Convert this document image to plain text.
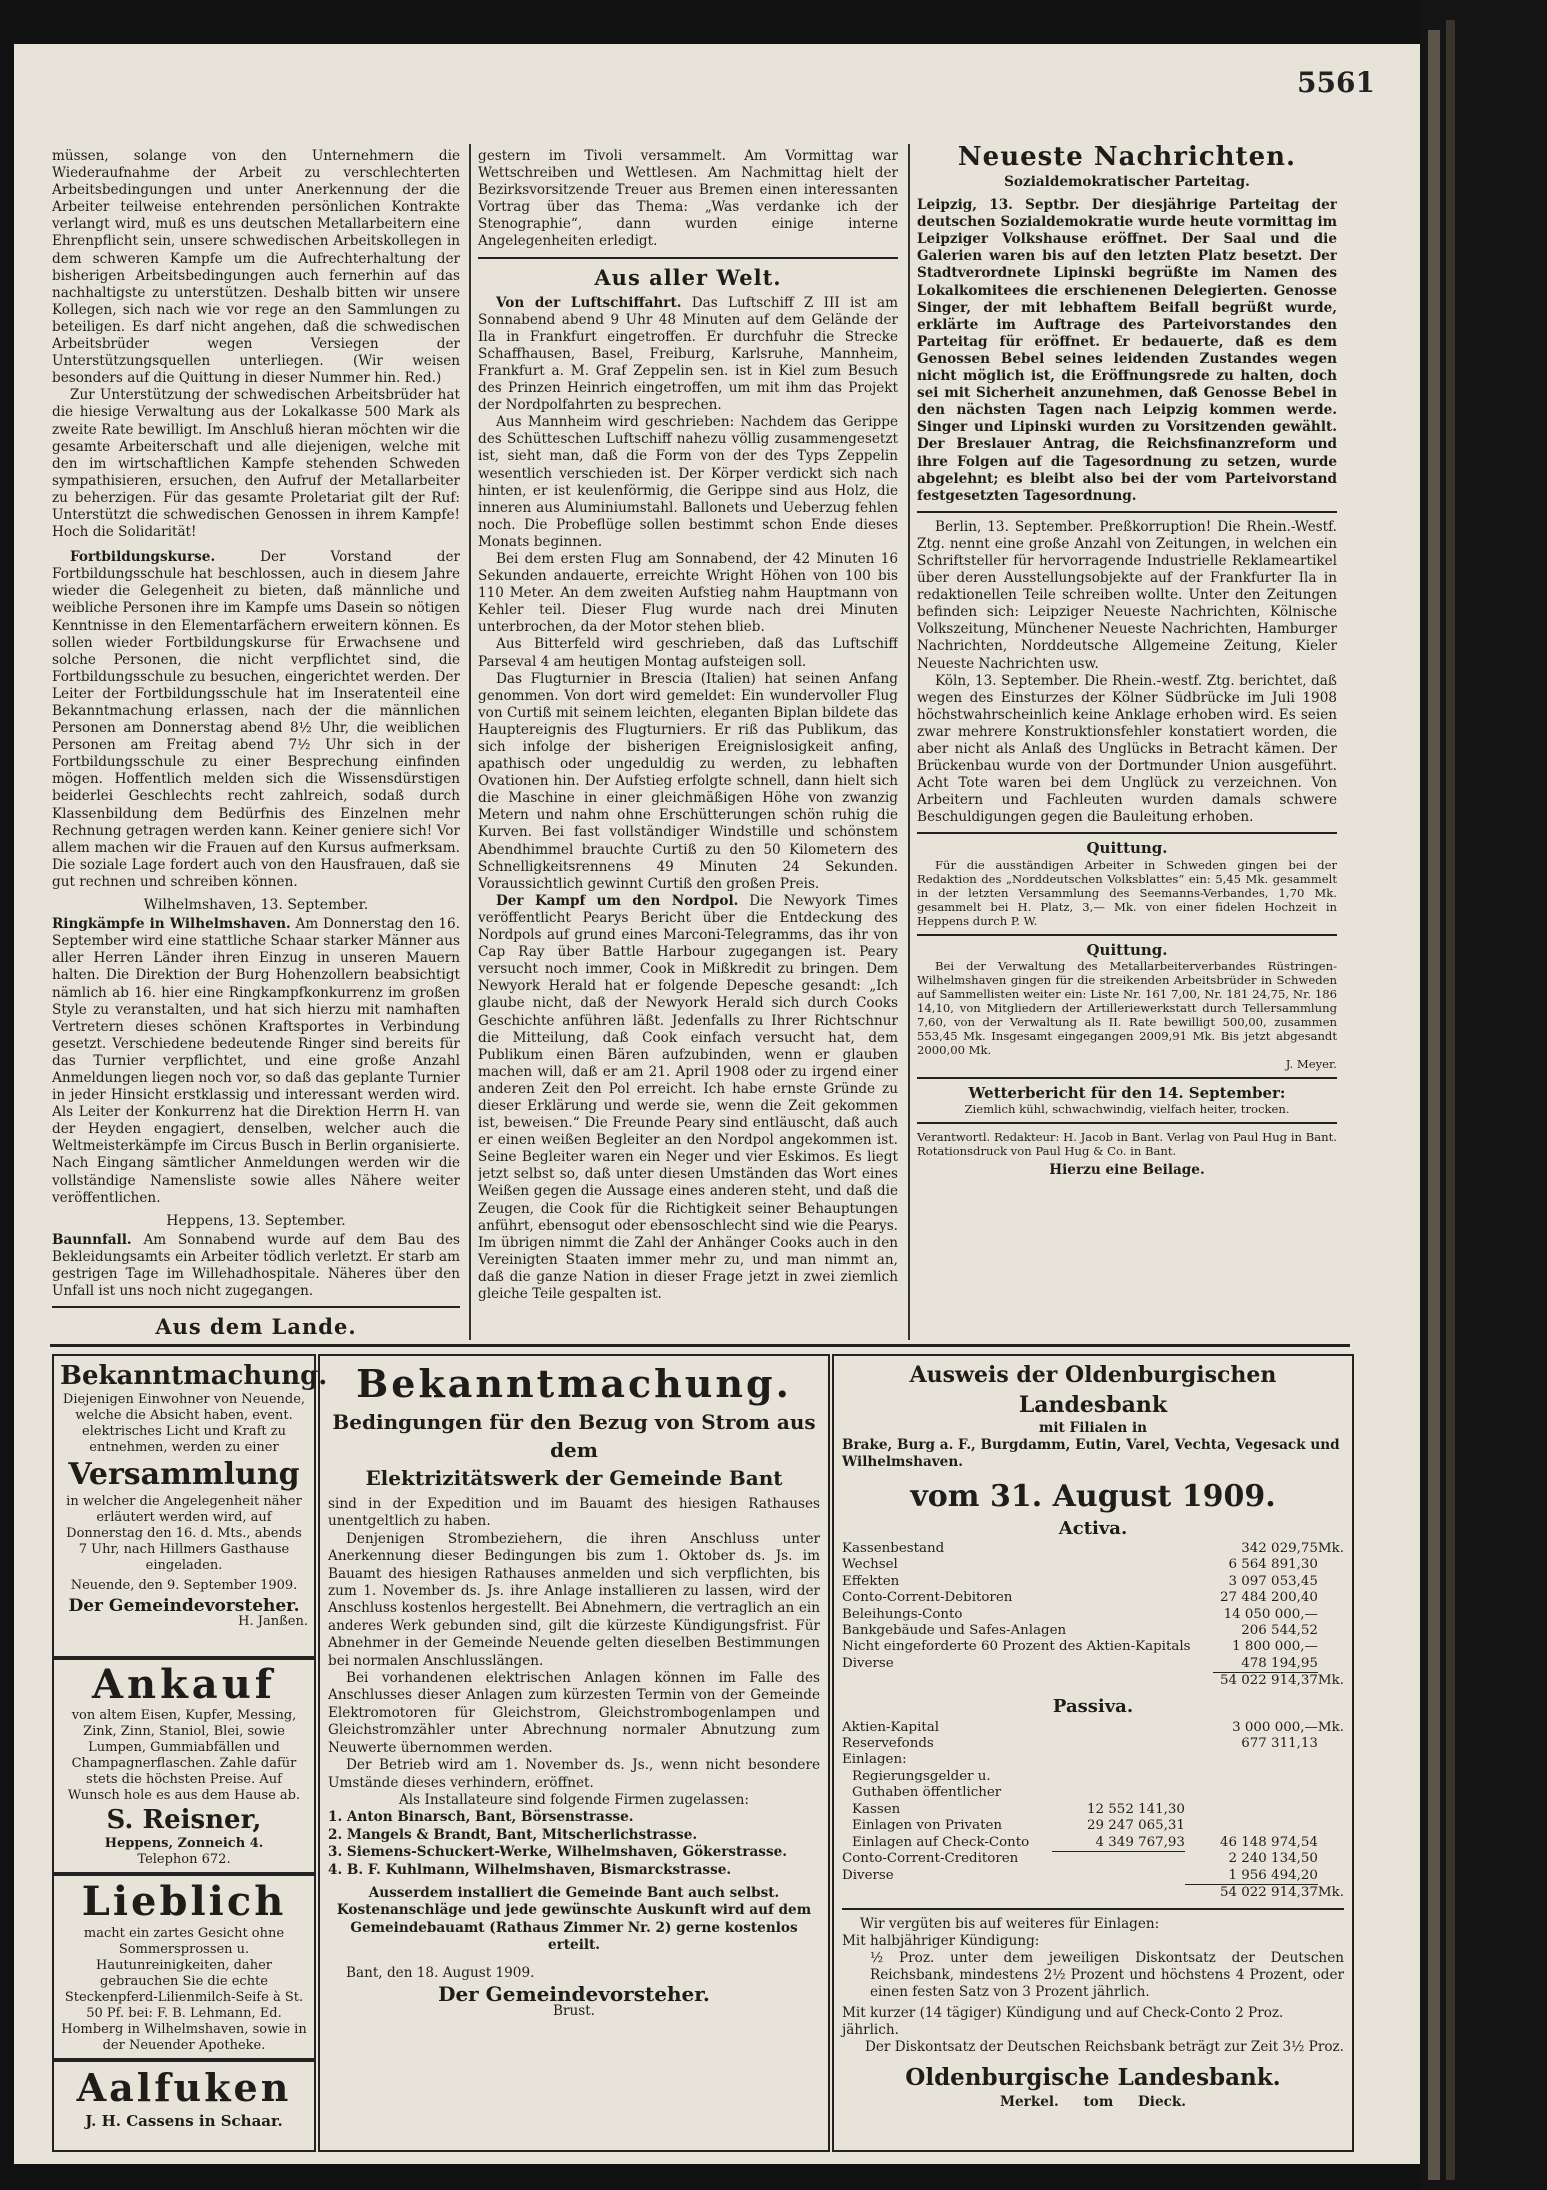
5561

müssen, solange von den Unternehmern die Wiederaufnahme der Arbeit zu verschlechterten Arbeitsbedingungen und unter Anerkennung der die Arbeiter teilweise entehrenden persönlichen Kontrakte verlangt wird, muß es uns deutschen Metallarbeitern eine Ehrenpflicht sein, unsere schwedischen Arbeitskollegen in dem schweren Kampfe um die Aufrechterhaltung der bisherigen Arbeitsbedingungen auch fernerhin auf das nachhaltigste zu unterstützen. Deshalb bitten wir unsere Kollegen, sich nach wie vor rege an den Sammlungen zu beteiligen. Es darf nicht angehen, daß die schwedischen Arbeitsbrüder wegen Versiegen der Unterstützungsquellen unterliegen. (Wir weisen besonders auf die Quittung in dieser Nummer hin. Red.)

Zur Unterstützung der schwedischen Arbeitsbrüder hat die hiesige Verwaltung aus der Lokalkasse 500 Mark als zweite Rate bewilligt. Im Anschluß hieran möchten wir die gesamte Arbeiterschaft und alle diejenigen, welche mit den im wirtschaftlichen Kampfe stehenden Schweden sympathisieren, ersuchen, den Aufruf der Metallarbeiter zu beherzigen. Für das gesamte Proletariat gilt der Ruf: Unterstützt die schwedischen Genossen in ihrem Kampfe! Hoch die Solidarität!

Fortbildungskurse.	Der Vorstand der Fortbildungsschule hat beschlossen, auch in diesem Jahre wieder die Gelegenheit zu bieten, daß männliche und weibliche Personen ihre im Kampfe ums Dasein so nötigen Kenntnisse in den Elementarfächern erweitern können. Es sollen wieder Fortbildungskurse für Erwachsene und solche Personen, die nicht verpflichtet sind, die Fortbildungsschule zu besuchen, eingerichtet werden. Der Leiter der Fortbildungsschule hat im Inseratenteil eine Bekanntmachung erlassen, nach der die männlichen Personen am Donnerstag abend 8½ Uhr, die weiblichen Personen am Freitag abend 7½ Uhr sich in der Fortbildungsschule zu einer Besprechung einfinden mögen. Hoffentlich melden sich die Wissensdürstigen beiderlei Geschlechts recht zahlreich, sodaß durch Klassenbildung dem Bedürfnis des Einzelnen mehr Rechnung getragen werden kann. Keiner geniere sich! Vor allem machen wir die Frauen auf den Kursus aufmerksam. Die soziale Lage fordert auch von den Hausfrauen, daß sie gut rechnen und schreiben können.

Wilhelmshaven, 13. September.

Ringkämpfe in Wilhelmshaven. Am Donnerstag den 16. September wird eine stattliche Schaar starker Männer aus aller Herren Länder ihren Einzug in unseren Mauern halten. Die Direktion der Burg Hohenzollern beabsichtigt nämlich ab 16. hier eine Ringkampfkonkurrenz im großen Style zu veranstalten, und hat sich hierzu mit namhaften Vertretern dieses schönen Kraftsportes in Verbindung gesetzt. Verschiedene bedeutende Ringer sind bereits für das Turnier verpflichtet, und eine große Anzahl Anmeldungen liegen noch vor, so daß das geplante Turnier in jeder Hinsicht erstklassig und interessant werden wird. Als Leiter der Konkurrenz hat die Direktion Herrn H. van der Heyden engagiert, denselben, welcher auch die Weltmeisterkämpfe im Circus Busch in Berlin organisierte. Nach Eingang sämtlicher Anmeldungen werden wir die vollständige Namensliste sowie alles Nähere weiter veröffentlichen.

Heppens, 13. September.

Baunnfall. Am Sonnabend wurde auf dem Bau des Bekleidungsamts ein Arbeiter tödlich verletzt. Er starb am gestrigen Tage im Willehadhospitale. Näheres über den Unfall ist uns noch nicht zugegangen.

Aus dem Lande.

gestern im Tivoli versammelt. Am Vormittag war Wettschreiben und Wettlesen. Am Nachmittag hielt der Bezirksvorsitzende Treuer aus Bremen einen interessanten Vortrag über das Thema: „Was verdanke ich der Stenographie“, dann wurden einige interne Angelegenheiten erledigt.

Aus aller Welt.

Von der Luftschiffahrt. Das Luftschiff Z III ist am Sonnabend abend 9 Uhr 48 Minuten auf dem Gelände der Ila in Frankfurt eingetroffen. Er durchfuhr die Strecke Schaffhausen, Basel, Freiburg, Karlsruhe, Mannheim, Frankfurt a. M. Graf Zeppelin sen. ist in Kiel zum Besuch des Prinzen Heinrich eingetroffen, um mit ihm das Projekt der Nordpolfahrten zu besprechen.

Aus Mannheim wird geschrieben: Nachdem das Gerippe des Schütteschen Luftschiff nahezu völlig zusammengesetzt ist, sieht man, daß die Form von der des Typs Zeppelin wesentlich verschieden ist. Der Körper verdickt sich nach hinten, er ist keulenförmig, die Gerippe sind aus Holz, die inneren aus Aluminiumstahl. Ballonets und Ueberzug fehlen noch. Die Probeflüge sollen bestimmt schon Ende dieses Monats beginnen.

Bei dem ersten Flug am Sonnabend, der 42 Minuten 16 Sekunden andauerte, erreichte Wright Höhen von 100 bis 110 Meter. An dem zweiten Aufstieg nahm Hauptmann von Kehler teil. Dieser Flug wurde nach drei Minuten unterbrochen, da der Motor stehen blieb.

Aus Bitterfeld wird geschrieben, daß das Luftschiff Parseval 4 am heutigen Montag aufsteigen soll.

Das Flugturnier in Brescia (Italien) hat seinen Anfang genommen. Von dort wird gemeldet: Ein wundervoller Flug von Curtiß mit seinem leichten, eleganten Biplan bildete das Hauptereignis des Flugturniers. Er riß das Publikum, das sich infolge der bisherigen Ereignislosigkeit anfing, apathisch oder ungeduldig zu werden, zu lebhaften Ovationen hin. Der Aufstieg erfolgte schnell, dann hielt sich die Maschine in einer gleichmäßigen Höhe von zwanzig Metern und nahm ohne Erschütterungen schön ruhig die Kurven. Bei fast vollständiger Windstille und schönstem Abendhimmel brauchte Curtiß zu den 50 Kilometern des Schnelligkeitsrennens 49 Minuten 24 Sekunden. Voraussichtlich gewinnt Curtiß den großen Preis.

Der Kampf um den Nordpol. Die Newyork Times veröffentlicht Pearys Bericht über die Entdeckung des Nordpols auf grund eines Marconi-Telegramms, das ihr von Cap Ray über Battle Harbour zugegangen ist. Peary versucht noch immer, Cook in Mißkredit zu bringen. Dem Newyork Herald hat er folgende Depesche gesandt: „Ich glaube nicht, daß der Newyork Herald sich durch Cooks Geschichte anführen läßt. Jedenfalls zu Ihrer Richtschnur die Mitteilung, daß Cook einfach versucht hat, dem Publikum einen Bären aufzubinden, wenn er glauben machen will, daß er am 21. April 1908 oder zu irgend einer anderen Zeit den Pol erreicht. Ich habe ernste Gründe zu dieser Erklärung und werde sie, wenn die Zeit gekommen ist, beweisen.“ Die Freunde Peary sind entläuscht, daß auch er einen weißen Begleiter an den Nordpol angekommen ist. Seine Begleiter waren ein Neger und vier Eskimos. Es liegt jetzt selbst so, daß unter diesen Umständen das Wort eines Weißen gegen die Aussage eines anderen steht, und daß die Zeugen, die Cook für die Richtigkeit seiner Behauptungen anführt, ebensogut oder ebensoschlecht sind wie die Pearys. Im übrigen nimmt die Zahl der Anhänger Cooks auch in den Vereinigten Staaten immer mehr zu, und man nimmt an, daß die ganze Nation in dieser Frage jetzt in zwei ziemlich gleiche Teile gespalten ist.

Neueste Nachrichten.
Sozialdemokratischer Parteitag.

Leipzig, 13. Septbr. Der diesjährige Parteitag der deutschen Sozialdemokratie wurde heute vormittag im Leipziger Volkshause eröffnet. Der Saal und die Galerien waren bis auf den letzten Platz besetzt. Der Stadtverordnete Lipinski begrüßte im Namen des Lokalkomitees die erschienenen Delegierten. Genosse Singer, der mit lebhaftem Beifall begrüßt wurde, erklärte im Auftrage des Parteivorstandes den Parteitag für eröffnet. Er bedauerte, daß es dem Genossen Bebel seines leidenden Zustandes wegen nicht möglich ist, die Eröffnungsrede zu halten, doch sei mit Sicherheit anzunehmen, daß Genosse Bebel in den nächsten Tagen nach Leipzig kommen werde. Singer und Lipinski wurden zu Vorsitzenden gewählt. Der Breslauer Antrag, die Reichsfinanzreform und ihre Folgen auf die Tagesordnung zu setzen, wurde abgelehnt; es bleibt also bei der vom Parteivorstand festgesetzten Tagesordnung.

Berlin, 13. September. Preßkorruption! Die Rhein.-Westf. Ztg. nennt eine große Anzahl von Zeitungen, in welchen ein Schriftsteller für hervorragende Industrielle Reklameartikel über deren Ausstellungsobjekte auf der Frankfurter Ila in redaktionellen Teile schreiben wollte. Unter den Zeitungen befinden sich: Leipziger Neueste Nachrichten, Kölnische Volkszeitung, Münchener Neueste Nachrichten, Hamburger Nachrichten, Norddeutsche Allgemeine Zeitung, Kieler Neueste Nachrichten usw.

Köln, 13. September. Die Rhein.-westf. Ztg. berichtet, daß wegen des Einsturzes der Kölner Südbrücke im Juli 1908 höchstwahrscheinlich keine Anklage erhoben wird. Es seien zwar mehrere Konstruktionsfehler konstatiert worden, die aber nicht als Anlaß des Unglücks in Betracht kämen. Der Brückenbau wurde von der Dortmunder Union ausgeführt. Acht Tote waren bei dem Unglück zu verzeichnen. Von Arbeitern und Fachleuten wurden damals schwere Beschuldigungen gegen die Bauleitung erhoben.

Quittung.

Für die ausständigen Arbeiter in Schweden gingen bei der Redaktion des „Norddeutschen Volksblattes“ ein: 5,45 Mk. gesammelt in der letzten Versammlung des Seemanns-Verbandes, 1,70 Mk. gesammelt bei H. Platz, 3,— Mk. von einer fidelen Hochzeit in Heppens durch P. W.

Quittung.

Bei der Verwaltung des Metallarbeiterverbandes Rüstringen-Wilhelmshaven gingen für die streikenden Arbeitsbrüder in Schweden auf Sammellisten weiter ein: Liste Nr. 161 7,00, Nr. 181 24,75, Nr. 186 14,10, von Mitgliedern der Artilleriewerkstatt durch Tellersammlung 7,60, von der Verwaltung als II. Rate bewilligt 500,00, zusammen 553,45 Mk. Insgesamt eingegangen 2009,91 Mk. Bis jetzt abgesandt 2000,00 Mk.

J. Meyer.
Wetterbericht für den 14. September:
Ziemlich kühl, schwachwindig, vielfach heiter, trocken.

Verantwortl. Redakteur: H. Jacob in Bant. Verlag von Paul Hug in Bant. Rotationsdruck von Paul Hug & Co. in Bant.

Hierzu eine Beilage.
Bekanntmachung.
Diejenigen Einwohner von Neuende, welche die Absicht haben, event. elektrisches Licht und Kraft zu entnehmen, werden zu einer
Versammlung
in welcher die Angelegenheit näher erläutert werden wird, auf Donnerstag den 16. d. Mts., abends 7 Uhr, nach Hillmers Gasthause eingeladen.
Neuende, den 9. September 1909.
Der Gemeindevorsteher.
H. Janßen.
Ankauf
von altem Eisen, Kupfer, Messing, Zink, Zinn, Staniol, Blei, sowie Lumpen, Gummiabfällen und Champagnerflaschen. Zahle dafür stets die höchsten Preise. Auf Wunsch hole es aus dem Hause ab.
S. Reisner,
Heppens, Zonneich 4.
Telephon 672.
Lieblich
macht ein zartes Gesicht ohne Sommersprossen u. Hautunreinigkeiten, daher gebrauchen Sie die echte Steckenpferd-Lilienmilch-Seife à St. 50 Pf. bei: F. B. Lehmann, Ed. Homberg in Wilhelmshaven, sowie in der Neuender Apotheke.
Aalfuken
J. H. Cassens in Schaar.
Bekanntmachung.
Bedingungen für den Bezug von Strom aus dem
Elektrizitätswerk der Gemeinde Bant
sind in der Expedition und im Bauamt des hiesigen Rathauses unentgeltlich zu haben.
Denjenigen Strombeziehern, die ihren Anschluss unter Anerkennung dieser Bedingungen bis zum 1. Oktober ds. Js. im Bauamt des hiesigen Rathauses anmelden und sich verpflichten, bis zum 1. November ds. Js. ihre Anlage installieren zu lassen, wird der Anschluss kostenlos hergestellt. Bei Abnehmern, die vertraglich an ein anderes Werk gebunden sind, gilt die kürzeste Kündigungsfrist. Für Abnehmer in der Gemeinde Neuende gelten dieselben Bestimmungen bei normalen Anschlusslängen.
Bei vorhandenen elektrischen Anlagen können im Falle des Anschlusses dieser Anlagen zum kürzesten Termin von der Gemeinde Elektromotoren für Gleichstrom, Gleichstrombogenlampen und Gleichstromzähler unter Abrechnung normaler Abnutzung zum Neuwerte übernommen werden.
Der Betrieb wird am 1. November ds. Js., wenn nicht besondere Umstände dieses verhindern, eröffnet.
Als Installateure sind folgende Firmen zugelassen:
1. Anton Binarsch, Bant, Börsenstrasse.
2. Mangels & Brandt, Bant, Mitscherlichstrasse.
3. Siemens-Schuckert-Werke, Wilhelmshaven, Gökerstrasse.
4. B. F. Kuhlmann, Wilhelmshaven, Bismarckstrasse.
Ausserdem installiert die Gemeinde Bant auch selbst. Kostenanschläge und jede gewünschte Auskunft wird auf dem Gemeindebauamt (Rathaus Zimmer Nr. 2) gerne kostenlos erteilt.
Bant, den 18. August 1909.
Der Gemeindevorsteher.
Brust.
Ausweis der Oldenburgischen Landesbank
mit Filialen in
Brake, Burg a. F., Burgdamm, Eutin, Varel, Vechta, Vegesack und Wilhelmshaven.
vom 31. August 1909.
Activa.
Kassenbestand	342 029,75	Mk.
Wechsel	6 564 891,30	
Effekten	3 097 053,45	
Conto-Corrent-Debitoren	27 484 200,40	
Beleihungs-Conto	14 050 000,—	
Bankgebäude und Safes-Anlagen	206 544,52	
Nicht eingeforderte 60 Prozent des Aktien-Kapitals	1 800 000,—	
Diverse	478 194,95	
	54 022 914,37	Mk.
Passiva.
Aktien-Kapital		3 000 000,—	Mk.
Reservefonds		677 311,13	
Einlagen:			
Regierungsgelder u. Guthaben öffentlicher Kassen	12 552 141,30		
Einlagen von Privaten	29 247 065,31		
Einlagen auf Check-Conto	4 349 767,93	46 148 974,54	
Conto-Corrent-Creditoren		2 240 134,50	
Diverse		1 956 494,20	
		54 022 914,37	Mk.
Wir vergüten bis auf weiteres für Einlagen:
Mit halbjähriger Kündigung:
½ Proz. unter dem jeweiligen Diskontsatz der Deutschen Reichsbank, mindestens 2½ Prozent und höchstens 4 Prozent, oder einen festen Satz von 3 Prozent jährlich.
Mit kurzer (14 tägiger) Kündigung und auf Check-Conto 2 Proz. jährlich.
Der Diskontsatz der Deutschen Reichsbank beträgt zur Zeit 3½ Proz.
Oldenburgische Landesbank.
Merkel. tom Dieck.
